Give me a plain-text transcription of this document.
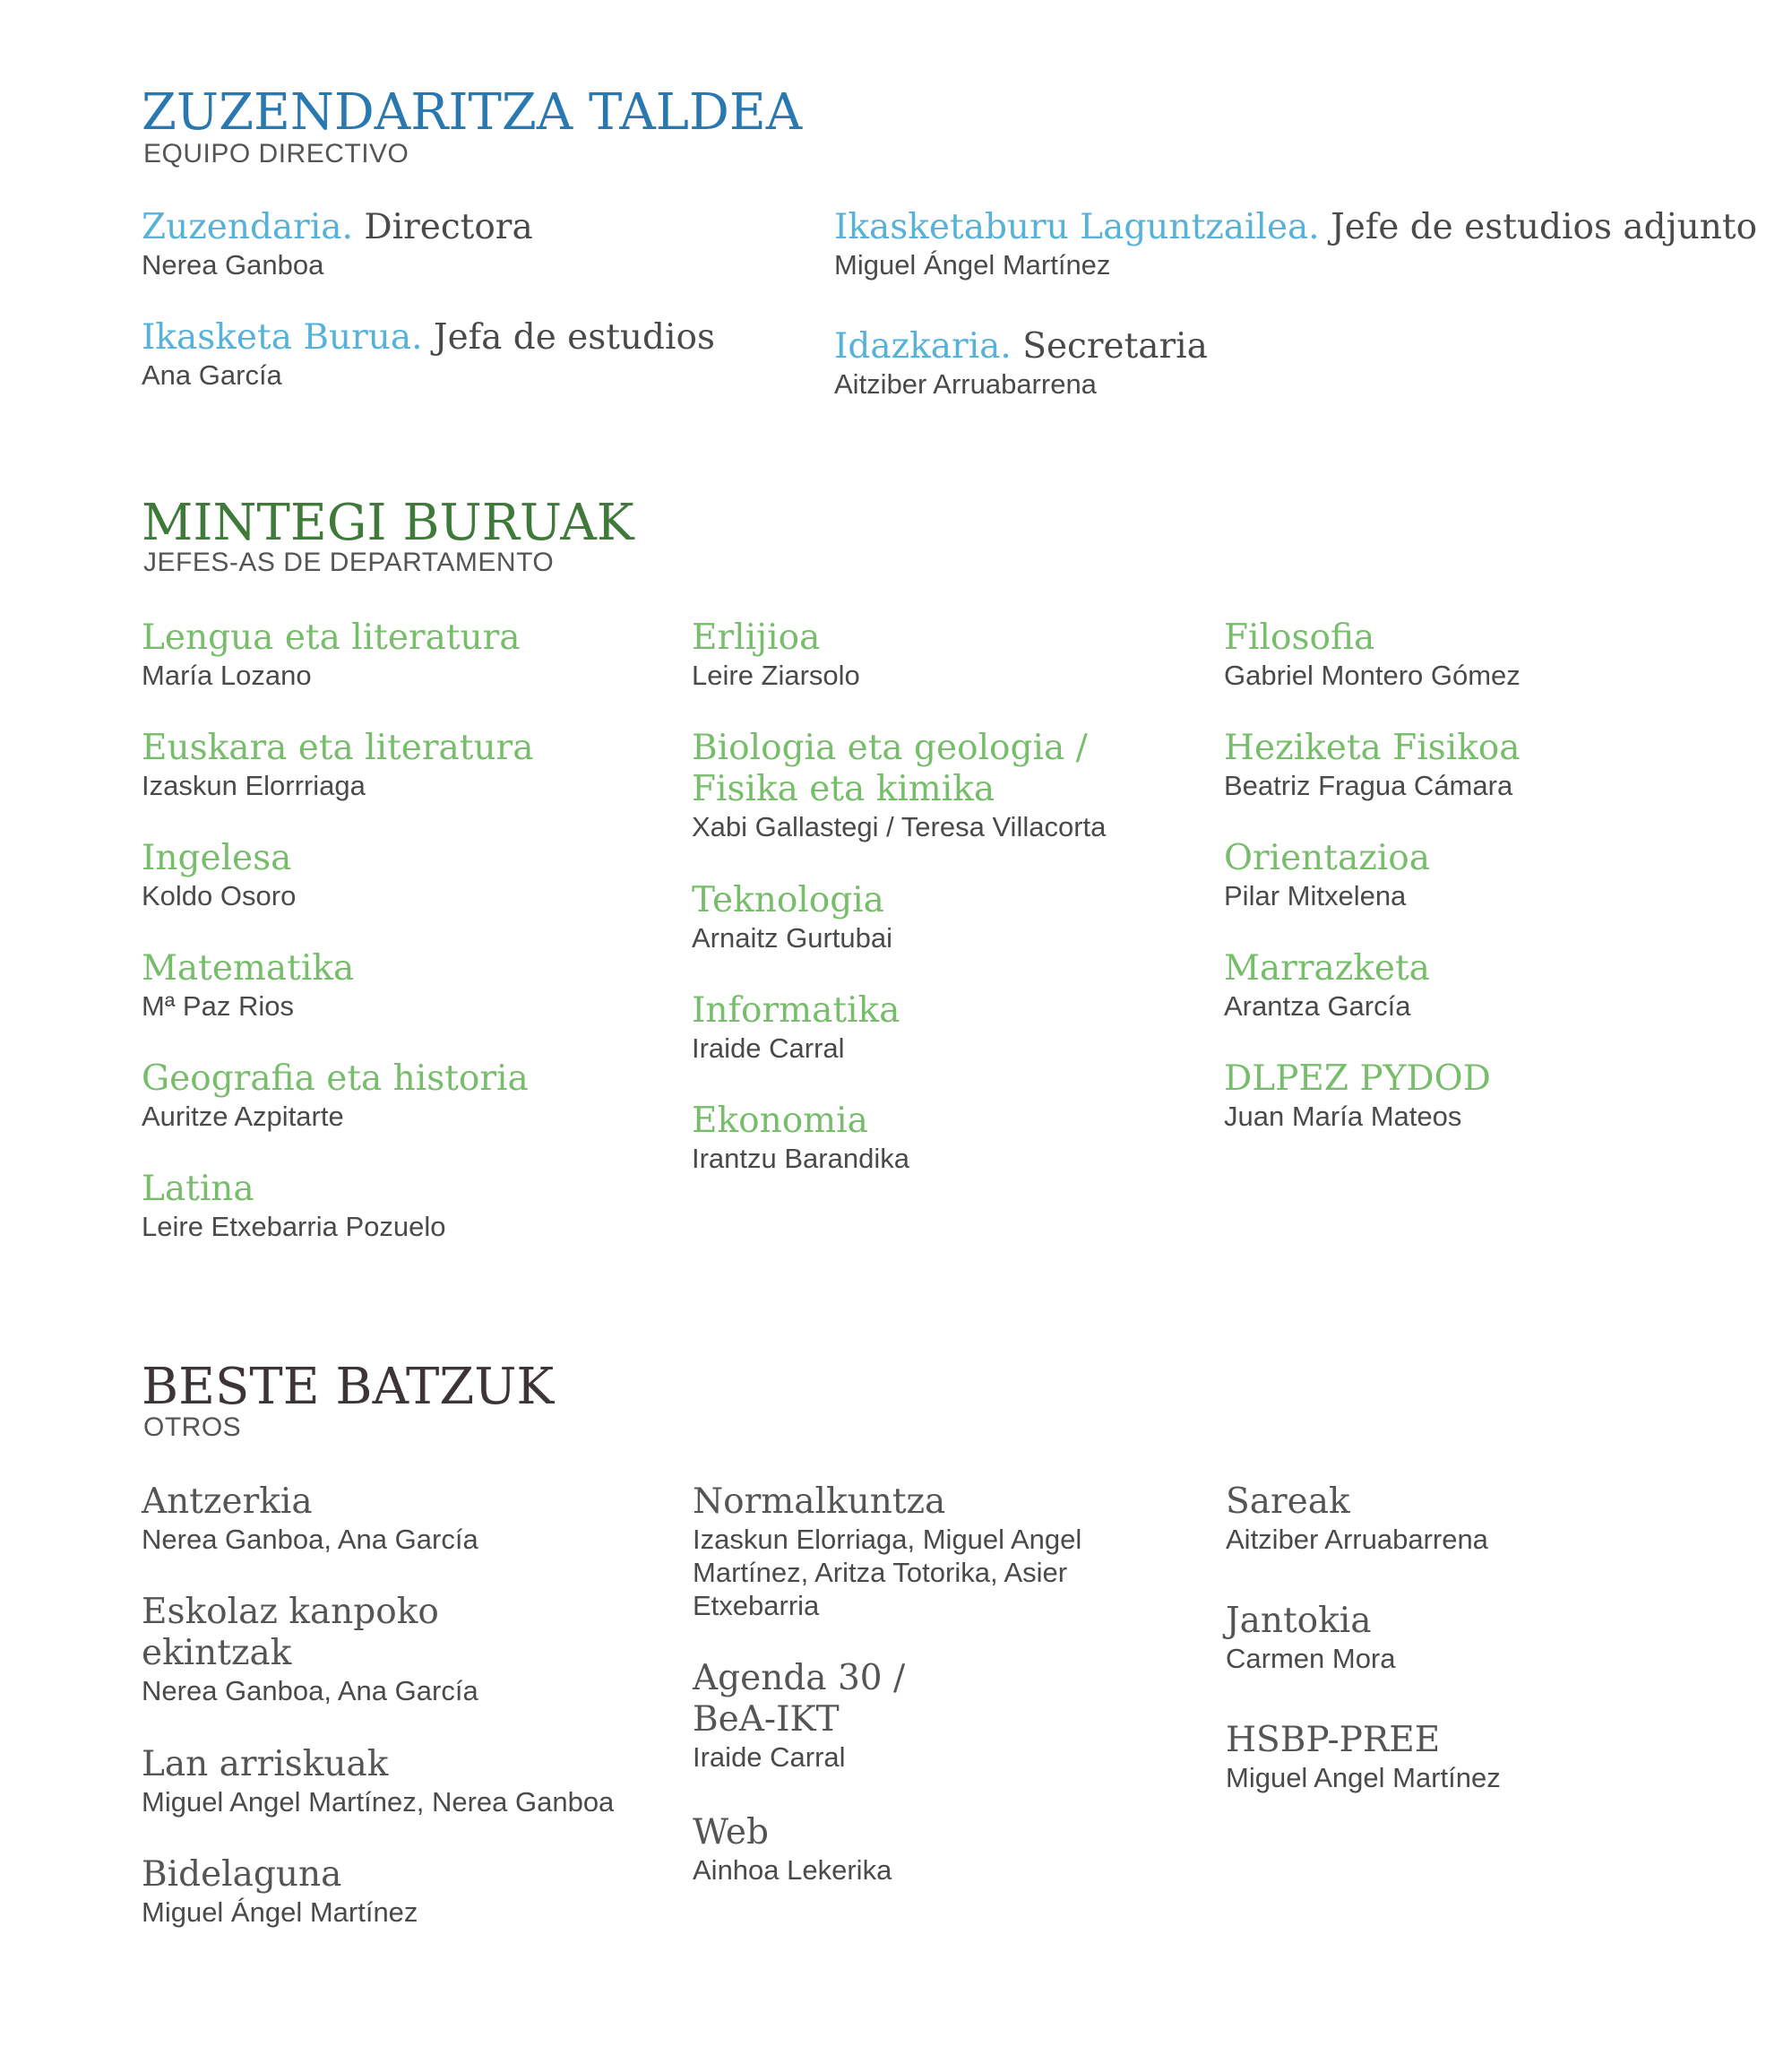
ZUZENDARITZA TALDEA
EQUIPO DIRECTIVO
Zuzendaria. Directora
Nerea Ganboa
Ikasketa Burua. Jefa de estudios
Ana García
Ikasketaburu Laguntzailea. Jefe de estudios adjunto
Miguel Ángel Martínez
Idazkaria. Secretaria
Aitziber Arruabarrena
MINTEGI BURUAK
JEFES-AS DE DEPARTAMENTO
Lengua eta literatura
María Lozano
Euskara eta literatura
Izaskun Elorrriaga
Ingelesa
Koldo Osoro
Matematika
Mª Paz Rios
Geografia eta historia
Auritze Azpitarte
Latina
Leire Etxebarria Pozuelo
Erlijioa
Leire Ziarsolo
Biologia eta geologia /
Fisika eta kimika
Xabi Gallastegi / Teresa Villacorta
Teknologia
Arnaitz Gurtubai
Informatika
Iraide Carral
Ekonomia
Irantzu Barandika
Filosofia
Gabriel Montero Gómez
Heziketa Fisikoa
Beatriz Fragua Cámara
Orientazioa
Pilar Mitxelena
Marrazketa
Arantza García
DLPEZ PYDOD
Juan María Mateos
BESTE BATZUK
OTROS
Antzerkia
Nerea Ganboa, Ana García
Eskolaz kanpoko
ekintzak
Nerea Ganboa, Ana García
Lan arriskuak
Miguel Angel Martínez, Nerea Ganboa
Bidelaguna
Miguel Ángel Martínez
Normalkuntza
Izaskun Elorriaga, Miguel Angel
Martínez, Aritza Totorika, Asier
Etxebarria
Agenda 30 /
BeA-IKT
Iraide Carral
Web
Ainhoa Lekerika
Sareak
Aitziber Arruabarrena
Jantokia
Carmen Mora
HSBP-PREE
Miguel Angel Martínez
